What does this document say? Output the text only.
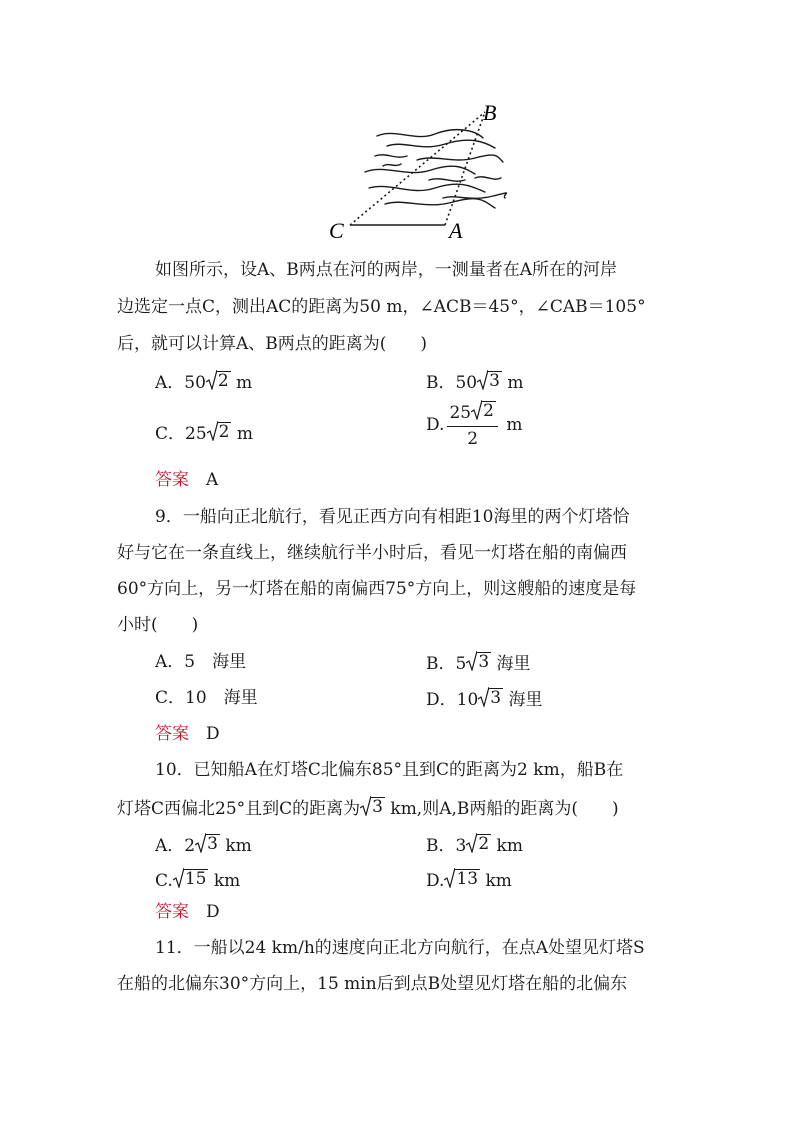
B
C	A
如图所示，设A、B两点在河的两岸，一测量者在A所在的河岸
边选定一点C，测出AC的距离为50 m，∠ACB＝45°，∠CAB＝105°
后，就可以计算A、B两点的距离为(　　)
A．50 2 m	B．50 3 m
C．25 2 m	D. $\frac{25 2}{2}$ m
答案　 A
9．一船向正北航行，看见正西方向有相距10海里的两个灯塔恰
好与它在一条直线上，继续航行半小时后，看见一灯塔在船的南偏西
60°方向上，另一灯塔在船的南偏西75°方向上，则这艘船的速度是每
小时(　　)
A．5　海里	B．5 3 海里
C．10　海里	D．10 3 海里
答案　 D
10．已知船A在灯塔C北偏东85°且到C的距离为2 km，船B在
灯塔C西偏北25°且到C的距离为 3 km,则A,B两船的距离为(　　)
A．2 3 km	B．3 2 km
C. 15 km	D. 13 km
答案　 D
11．一船以24 km/h的速度向正北方向航行，在点A处望见灯塔S
在船的北偏东30°方向上，15 min后到点B处望见灯塔在船的北偏东
